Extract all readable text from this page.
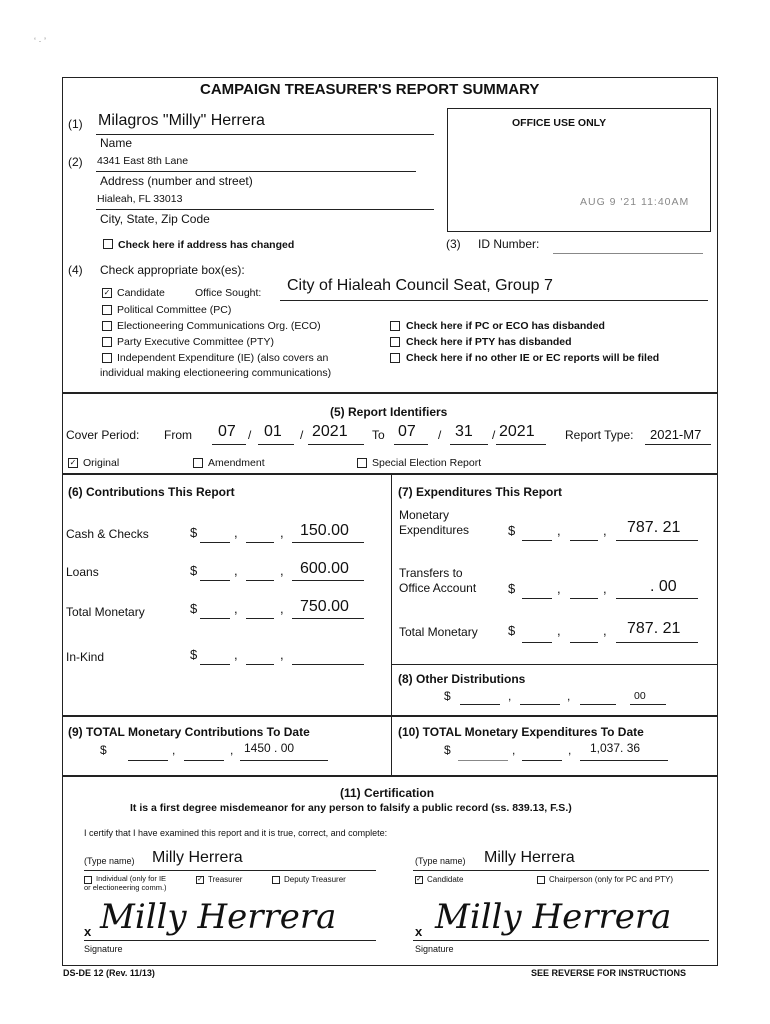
‘ · ’
CAMPAIGN TREASURER'S REPORT SUMMARY
(1) Milagros "Milly" Herrera
Name
(2) 4341 East 8th Lane
Address (number and street)
Hialeah, FL 33013
City, State, Zip Code
Check here if address has changed
OFFICE USE ONLY
AUG 9 '21 11:40AM
(3) ID Number:
(4) Check appropriate box(es):
✓ Candidate	Office Sought: City of Hialeah Council Seat, Group 7
Political Committee (PC)
Electioneering Communications Org. (ECO)
Party Executive Committee (PTY)
Independent Expenditure (IE) (also covers an
individual making electioneering communications)
Check here if PC or ECO has disbanded
Check here if PTY has disbanded
Check here if no other IE or EC reports will be filed
(5) Report Identifiers
Cover Period: From 07 / 01 / 2021 To 07 / 31 / 2021	Report Type: 2021-M7
✓ Original	Amendment	Special Election Report
(6) Contributions This Report
Cash & Checks	$	,	, 150.00
Loans	$	,	, 600.00
Total Monetary	$	,	, 750.00
In-Kind	$	,	,
(7) Expenditures This Report
Monetary
Expenditures	$	,	, 787. 21
Transfers to
Office Account $	,	,	. 00
Total Monetary $	,	, 787. 21
(8) Other Distributions
$	,	,	00
(9) TOTAL Monetary Contributions To Date
$	,	, 1450 . 00
(10) TOTAL Monetary Expenditures To Date
$	,	, 1,037. 36
(11) Certification
It is a first degree misdemeanor for any person to falsify a public record (ss. 839.13, F.S.)
I certify that I have examined this report and it is true, correct, and complete:
(Type name) Milly Herrera
Individual (only for IE
or electioneering comm.)
✓ Treasurer	Deputy Treasurer
x Milly Herrera
Signature
(Type name) Milly Herrera
✓ Candidate	Chairperson (only for PC and PTY)
x Milly Herrera
Signature
DS-DE 12 (Rev. 11/13)	SEE REVERSE FOR INSTRUCTIONS
